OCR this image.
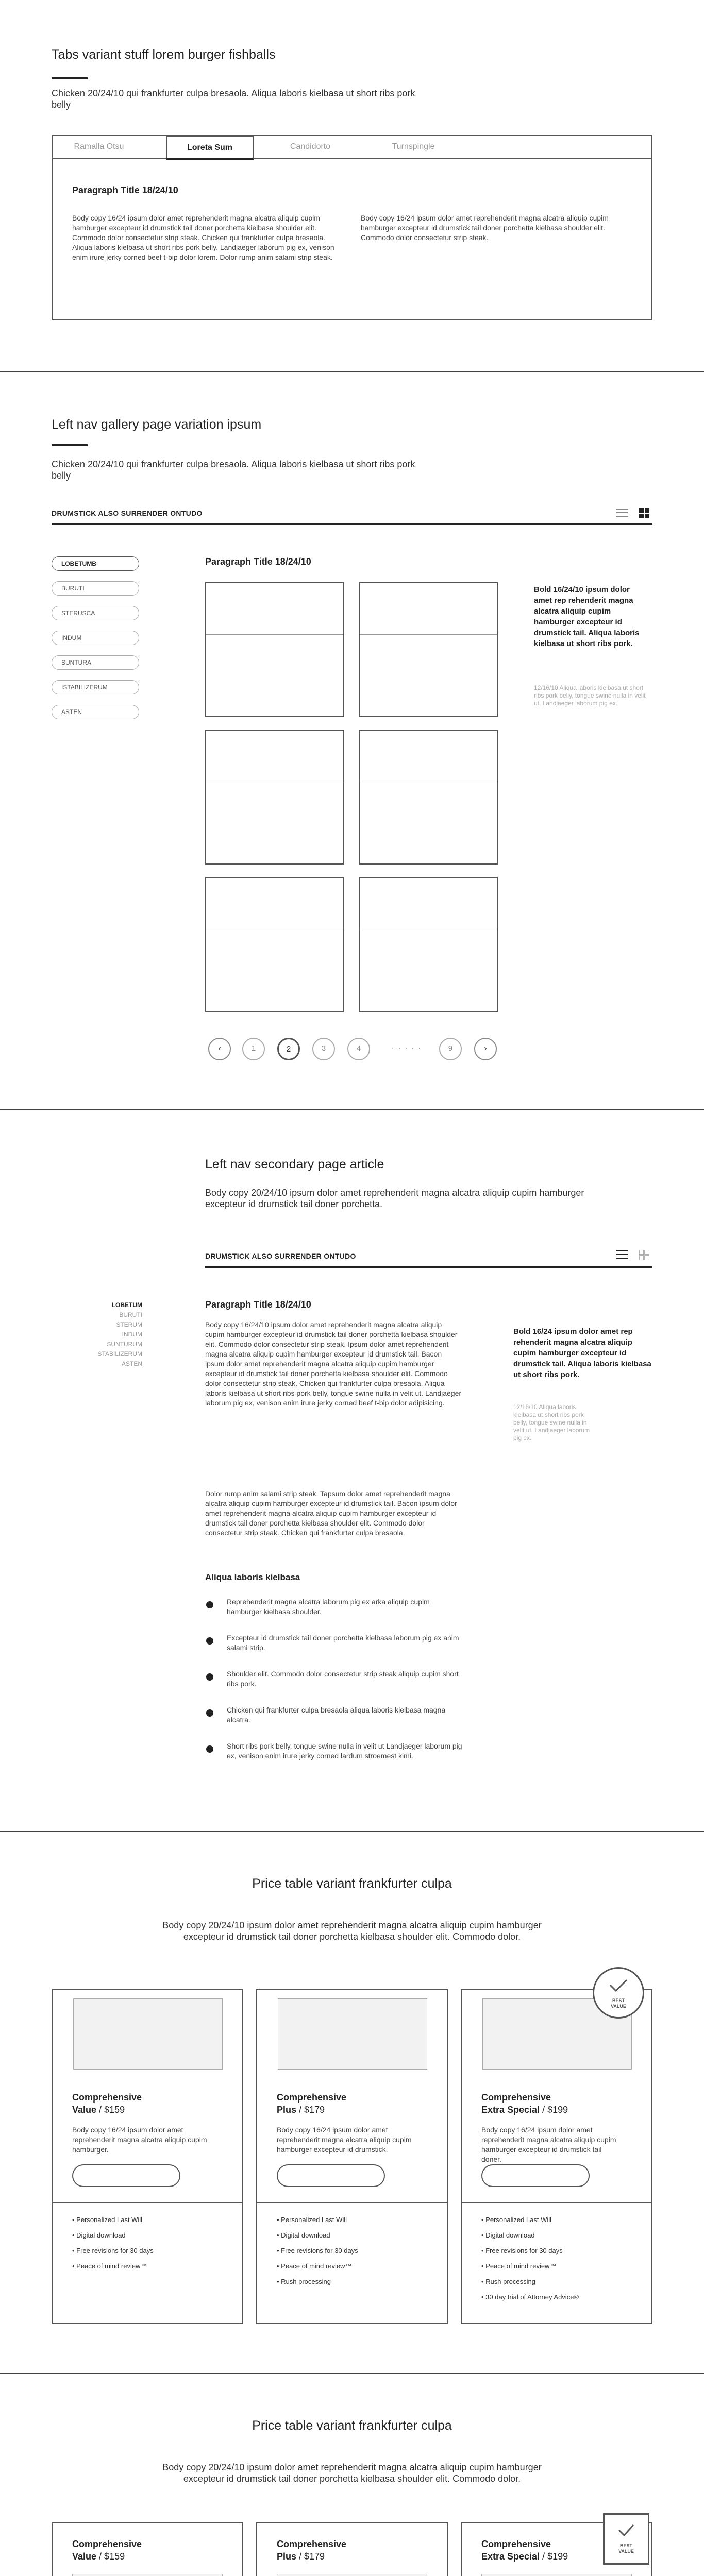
Tabs variant stuff lorem burger fishballs
Chicken 20/24/10 qui frankfurter culpa bresaola. Aliqua laboris kielbasa ut short ribs pork belly
Ramalla Otsu	Loreta Sum	Candidorto	Turnspingle
Paragraph Title 18/24/10
Body copy 16/24 ipsum dolor amet reprehenderit magna alcatra aliquip cupim hamburger excepteur id drumstick tail doner porchetta kielbasa shoulder elit. Commodo dolor consectetur strip steak. Chicken qui frankfurter culpa bresaola. Aliqua laboris kielbasa ut short ribs pork belly. Landjaeger laborum pig ex, venison enim irure jerky corned beef t-bip dolor lorem. Dolor rump anim salami strip steak.
Body copy 16/24 ipsum dolor amet reprehenderit magna alcatra aliquip cupim hamburger excepteur id drumstick tail doner porchetta kielbasa shoulder elit. Commodo dolor consectetur strip steak.
Left nav gallery page variation ipsum
Chicken 20/24/10 qui frankfurter culpa bresaola. Aliqua laboris kielbasa ut short ribs pork belly
DRUMSTICK ALSO SURRENDER ONTUDO
LOBETUMB
BURUTI
STERUSCA
INDUM
SUNTURA
ISTABILIZERUM
ASTEN
Paragraph Title 18/24/10
Bold 16/24/10 ipsum dolor amet rep rehenderit magna alcatra aliquip cupim hamburger excepteur id drumstick tail. Aliqua laboris kielbasa ut short ribs pork.
12/16/10 Aliqua laboris kielbasa ut short ribs pork belly, tongue swine nulla in velit ut. Landjaeger laborum pig ex.
‹	1	2	3	4	. . . . .	9	›
Left nav secondary page article
Body copy 20/24/10 ipsum dolor amet reprehenderit magna alcatra aliquip cupim hamburger excepteur id drumstick tail doner porchetta.
DRUMSTICK ALSO SURRENDER ONTUDO
LOBETUM
BURUTI
STERUM
INDUM
SUNTURUM
STABILIZERUM
ASTEN
Paragraph Title 18/24/10
Body copy 16/24/10 ipsum dolor amet reprehenderit magna alcatra aliquip cupim hamburger excepteur id drumstick tail doner porchetta kielbasa shoulder elit. Commodo dolor consectetur strip steak. Ipsum dolor amet reprehenderit magna alcatra aliquip cupim hamburger excepteur id drumstick tail. Bacon ipsum dolor amet reprehenderit magna alcatra aliquip cupim hamburger excepteur id drumstick tail doner porchetta kielbasa shoulder elit. Commodo dolor consectetur strip steak. Chicken qui frankfurter culpa bresaola. Aliqua laboris kielbasa ut short ribs pork belly, tongue swine nulla in velit ut. Landjaeger laborum pig ex, venison enim irure jerky corned beef t-bip dolor adipisicing.
Dolor rump anim salami strip steak. Tapsum dolor amet reprehenderit magna alcatra aliquip cupim hamburger excepteur id drumstick tail. Bacon ipsum dolor amet reprehenderit magna alcatra aliquip cupim hamburger excepteur id drumstick tail doner porchetta kielbasa shoulder elit. Commodo dolor consectetur strip steak. Chicken qui frankfurter culpa bresaola.
Aliqua laboris kielbasa
Reprehenderit magna alcatra laborum pig ex arka aliquip cupim hamburger kielbasa shoulder.
Excepteur id drumstick tail doner porchetta kielbasa laborum pig ex anim salami strip.
Shoulder elit. Commodo dolor consectetur strip steak aliquip cupim short ribs pork.
Chicken qui frankfurter culpa bresaola aliqua laboris kielbasa magna alcatra.
Short ribs pork belly, tongue swine nulla in velit ut Landjaeger laborum pig ex, venison enim irure jerky corned lardum stroemest kimi.
Bold 16/24 ipsum dolor amet rep rehenderit magna alcatra aliquip cupim hamburger excepteur id drumstick tail. Aliqua laboris kielbasa ut short ribs pork.
12/16/10 Aliqua laboris kielbasa ut short ribs pork belly, tongue swine nulla in velit ut. Landjaeger laborum pig ex.
Price table variant frankfurter culpa
Body copy 20/24/10 ipsum dolor amet reprehenderit magna alcatra aliquip cupim hamburger excepteur id drumstick tail doner porchetta kielbasa shoulder elit. Commodo dolor.
Comprehensive
Value / $159
Body copy 16/24 ipsum dolor amet reprehenderit magna alcatra aliquip cupim hamburger.
• Personalized Last Will
• Digital download
• Free revisions for 30 days
• Peace of mind review™
Comprehensive
Plus / $179
Body copy 16/24 ipsum dolor amet reprehenderit magna alcatra aliquip cupim hamburger excepteur id drumstick.
• Personalized Last Will
• Digital download
• Free revisions for 30 days
• Peace of mind review™
• Rush processing
Comprehensive
Extra Special / $199
Body copy 16/24 ipsum dolor amet reprehenderit magna alcatra aliquip cupim hamburger excepteur id drumstick tail doner.
• Personalized Last Will
• Digital download
• Free revisions for 30 days
• Peace of mind review™
• Rush processing
• 30 day trial of Attorney Advice®
BEST VALUE
Price table variant frankfurter culpa
Body copy 20/24/10 ipsum dolor amet reprehenderit magna alcatra aliquip cupim hamburger excepteur id drumstick tail doner porchetta kielbasa shoulder elit. Commodo dolor.
Comprehensive
Value / $159
Comprehensive
Plus / $179
Comprehensive
Extra Special / $199
BEST VALUE
